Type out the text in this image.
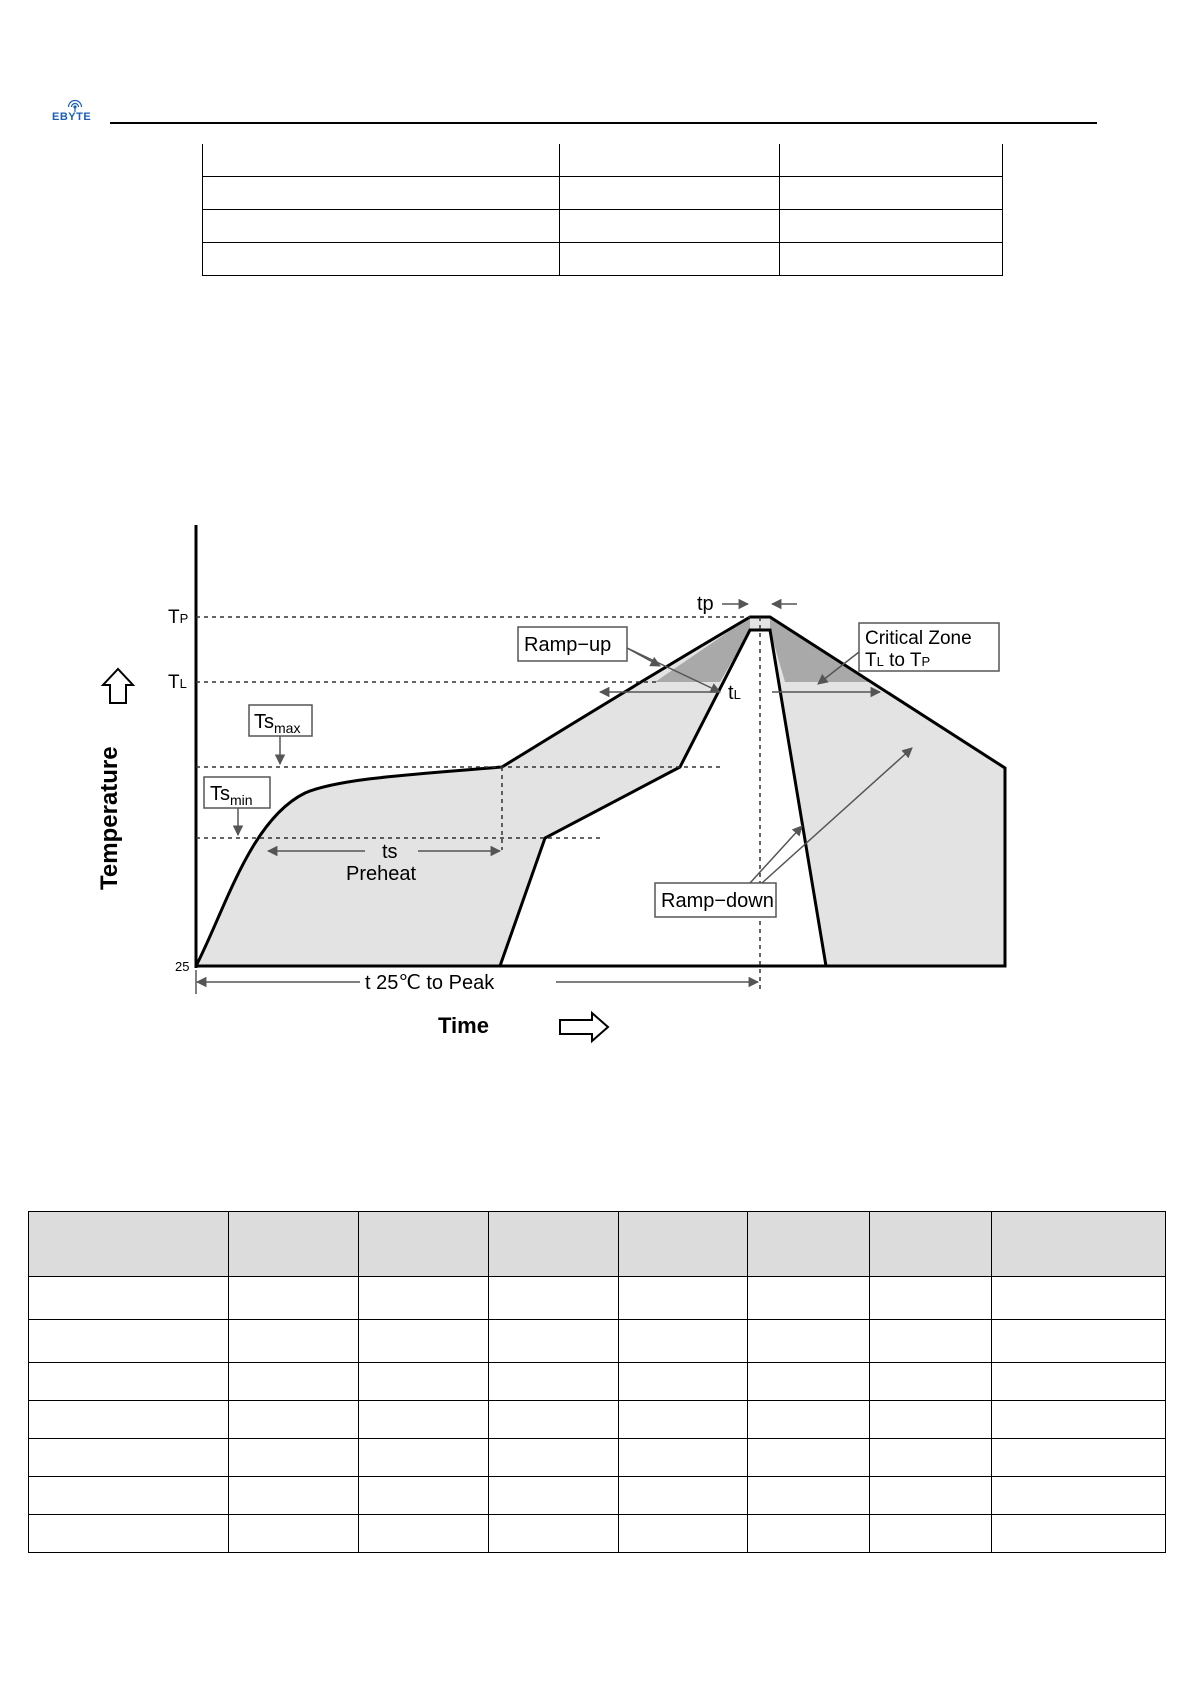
EBYTE

TP
TL
25
Temperature
$Ts_{max}$
$Ts_{min}$
ts
Preheat
tp
Ramp−up	Critical Zone
TL to TP
tL
Ramp−down
t 25℃ to Peak
Time
